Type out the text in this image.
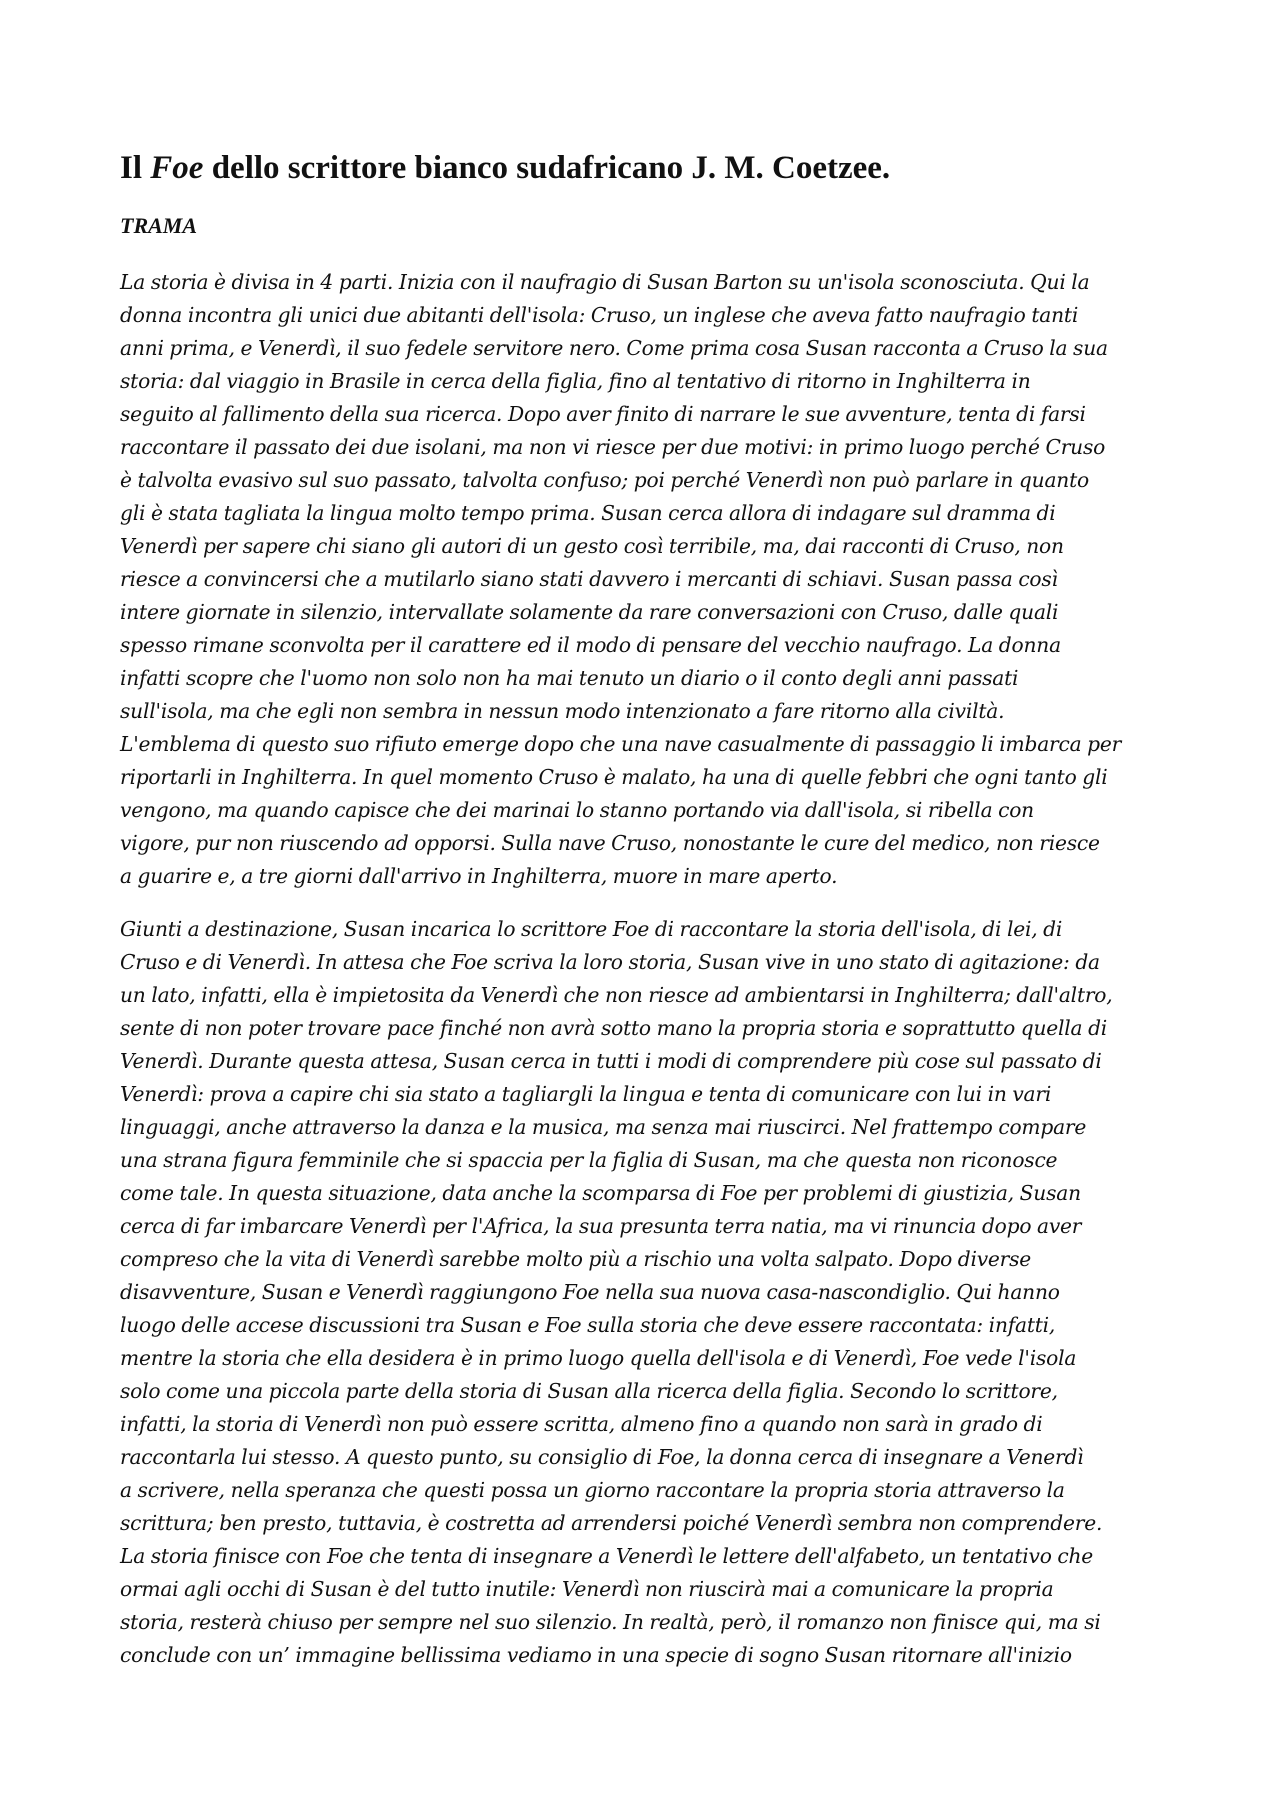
Il Foe dello scrittore bianco sudafricano J. M. Coetzee.
TRAMA

La storia è divisa in 4 parti. Inizia con il naufragio di Susan Barton su un'isola sconosciuta. Qui la
donna incontra gli unici due abitanti dell'isola: Cruso, un inglese che aveva fatto naufragio tanti
anni prima, e Venerdì, il suo fedele servitore nero. Come prima cosa Susan racconta a Cruso la sua
storia: dal viaggio in Brasile in cerca della figlia, fino al tentativo di ritorno in Inghilterra in
seguito al fallimento della sua ricerca. Dopo aver finito di narrare le sue avventure, tenta di farsi
raccontare il passato dei due isolani, ma non vi riesce per due motivi: in primo luogo perché Cruso
è talvolta evasivo sul suo passato, talvolta confuso; poi perché Venerdì non può parlare in quanto
gli è stata tagliata la lingua molto tempo prima. Susan cerca allora di indagare sul dramma di
Venerdì per sapere chi siano gli autori di un gesto così terribile, ma, dai racconti di Cruso, non
riesce a convincersi che a mutilarlo siano stati davvero i mercanti di schiavi. Susan passa così
intere giornate in silenzio, intervallate solamente da rare conversazioni con Cruso, dalle quali
spesso rimane sconvolta per il carattere ed il modo di pensare del vecchio naufrago. La donna
infatti scopre che l'uomo non solo non ha mai tenuto un diario o il conto degli anni passati
sull'isola, ma che egli non sembra in nessun modo intenzionato a fare ritorno alla civiltà.
L'emblema di questo suo rifiuto emerge dopo che una nave casualmente di passaggio li imbarca per
riportarli in Inghilterra. In quel momento Cruso è malato, ha una di quelle febbri che ogni tanto gli
vengono, ma quando capisce che dei marinai lo stanno portando via dall'isola, si ribella con
vigore, pur non riuscendo ad opporsi. Sulla nave Cruso, nonostante le cure del medico, non riesce
a guarire e, a tre giorni dall'arrivo in Inghilterra, muore in mare aperto.

Giunti a destinazione, Susan incarica lo scrittore Foe di raccontare la storia dell'isola, di lei, di
Cruso e di Venerdì. In attesa che Foe scriva la loro storia, Susan vive in uno stato di agitazione: da
un lato, infatti, ella è impietosita da Venerdì che non riesce ad ambientarsi in Inghilterra; dall'altro,
sente di non poter trovare pace finché non avrà sotto mano la propria storia e soprattutto quella di
Venerdì. Durante questa attesa, Susan cerca in tutti i modi di comprendere più cose sul passato di
Venerdì: prova a capire chi sia stato a tagliargli la lingua e tenta di comunicare con lui in vari
linguaggi, anche attraverso la danza e la musica, ma senza mai riuscirci. Nel frattempo compare
una strana figura femminile che si spaccia per la figlia di Susan, ma che questa non riconosce
come tale. In questa situazione, data anche la scomparsa di Foe per problemi di giustizia, Susan
cerca di far imbarcare Venerdì per l'Africa, la sua presunta terra natia, ma vi rinuncia dopo aver
compreso che la vita di Venerdì sarebbe molto più a rischio una volta salpato. Dopo diverse
disavventure, Susan e Venerdì raggiungono Foe nella sua nuova casa-nascondiglio. Qui hanno
luogo delle accese discussioni tra Susan e Foe sulla storia che deve essere raccontata: infatti,
mentre la storia che ella desidera è in primo luogo quella dell'isola e di Venerdì, Foe vede l'isola
solo come una piccola parte della storia di Susan alla ricerca della figlia. Secondo lo scrittore,
infatti, la storia di Venerdì non può essere scritta, almeno fino a quando non sarà in grado di
raccontarla lui stesso. A questo punto, su consiglio di Foe, la donna cerca di insegnare a Venerdì
a scrivere, nella speranza che questi possa un giorno raccontare la propria storia attraverso la
scrittura; ben presto, tuttavia, è costretta ad arrendersi poiché Venerdì sembra non comprendere.
La storia finisce con Foe che tenta di insegnare a Venerdì le lettere dell'alfabeto, un tentativo che
ormai agli occhi di Susan è del tutto inutile: Venerdì non riuscirà mai a comunicare la propria
storia, resterà chiuso per sempre nel suo silenzio. In realtà, però, il romanzo non finisce qui, ma si
conclude con un’ immagine bellissima vediamo in una specie di sogno Susan ritornare all'inizio
